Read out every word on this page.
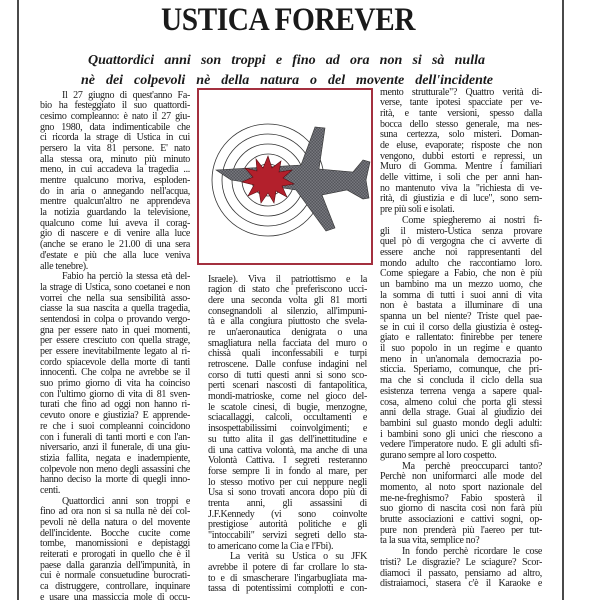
USTICA FOREVER
Quattordici anni son troppi e fino ad ora non si sà nulla
nè dei colpevoli nè della natura o del movente dell'incidente
Il 27 giugno di quest'anno Fa-
bio ha festeggiato il suo quattordi-
cesimo compleanno: è nato il 27 giu-
gno 1980, data indimenticabile che
ci ricorda la strage di Ustica in cui
persero la vita 81 persone. E' nato
alla stessa ora, minuto più minuto
meno, in cui accadeva la tragedia ...
mentre qualcuno moriva, esploden-
do in aria o annegando nell'acqua,
mentre qualcun'altro ne apprendeva
la notizia guardando la televisione,
qualcuno come lui aveva il corag-
gio di nascere e di venire alla luce
(anche se erano le 21.00 di una sera
d'estate e più che alla luce veniva
alle tenebre).
Fabio ha perciò la stessa età del-
la strage di Ustica, sono coetanei e non
vorrei che nella sua sensibilità asso-
ciasse la sua nascita a quella tragedia,
sentendosi in colpa o provando vergo-
gna per essere nato in quei momenti,
per essere cresciuto con quella strage,
per essere inevitabilmente legato al ri-
cordo spiacevole della morte di tanti
innocenti. Che colpa ne avrebbe se il
suo primo giorno di vita ha coinciso
con l'ultimo giorno di vita di 81 sven-
turati che fino ad oggi non hanno ri-
cevuto onore e giustizia? E apprende-
re che i suoi compleanni coincidono
con i funerali di tanti morti e con l'an-
niversario, anzi il funerale, di una giu-
stizia fallita, negata e inadempiente,
colpevole non meno degli assassini che
hanno deciso la morte di quegli inno-
centi.
Quattordici anni son troppi e
fino ad ora non si sa nulla nè dei col-
pevoli nè della natura o del movente
dell'incidente. Bocche cucite come
tombe, manomissioni e depistaggi
reiterati e prorogati in quello che è il
paese dalla garanzia dell'impunità, in
cui è normale consuetudine burocrati-
ca distruggere, controllare, inquinare
e usare una massiccia mole di occu-
Israele). Viva il patriottismo e la
ragion di stato che preferiscono ucci-
dere una seconda volta gli 81 morti
consegnandoli al silenzio, all'impuni-
tà e alla congiura piuttosto che svela-
re un'aeronautica denigrata o una
smagliatura nella facciata del muro o
chissà quali inconfessabili e turpi
retroscene. Dalle confuse indagini nel
corso di tutti questi anni si sono sco-
perti scenari nascosti di fantapolitica,
mondi-matrioske, come nel gioco del-
le scatole cinesi, di bugie, menzogne,
sciacallaggi, calcoli, occultamenti e
insospettabilissimi coinvolgimenti; e
su tutto alita il gas dell'inettitudine e
di una cattiva volontà, ma anche di una
Volontà Cattiva. I segreti resteranno
forse sempre lì in fondo al mare, per
lo stesso motivo per cui neppure negli
Usa si sono trovati ancora dopo più di
trenta anni, gli assassini di
J.F.Kennedy (vi sono coinvolte
prestigiose autorità politiche e gli
"intoccabili" servizi segreti dello sta-
to americano come la Cia e l'Fbi).
La verità su Ustica o su JFK
avrebbe il potere di far crollare lo sta-
to e di smascherare l'ingarbugliata ma-
tassa di potentissimi complotti e con-
mento strutturale"? Quattro verità di-
verse, tante ipotesi spacciate per ve-
rità, e tante versioni, spesso dalla
bocca dello stesso generale, ma nes-
suna certezza, solo misteri. Doman-
de eluse, evaporate; risposte che non
vengono, dubbi estorti e repressi, un
Muro di Gomma. Mentre i familiari
delle vittime, i soli che per anni han-
no mantenuto viva la "richiesta di ve-
rità, di giustizia e di luce", sono sem-
pre più soli e isolati.
Come spiegheremo ai nostri fi-
gli il mistero-Ustica senza provare
quel pò di vergogna che ci avverte di
essere anche noi rappresentanti del
mondo adulto che raccontiamo loro.
Come spiegare a Fabio, che non è più
un bambino ma un mezzo uomo, che
la somma di tutti i suoi anni di vita
non è bastata a illuminare di una
spanna un bel niente? Triste quel pae-
se in cui il corso della giustizia è osteg-
giato e rallentato: finirebbe per tenere
il suo popolo in un regime e quanto
meno in un'anomala democrazia po-
sticcia. Speriamo, comunque, che pri-
ma che si concluda il ciclo della sua
esistenza terrena venga a sapere qual-
cosa, almeno colui che porta gli stessi
anni della strage. Guai al giudizio dei
bambini sul guasto mondo degli adulti:
i bambini sono gli unici che riescono a
vedere l'imperatore nudo. E gli adulti sfi-
gurano sempre al loro cospetto.
Ma perchè preoccuparci tanto?
Perchè non uniformarci alle mode del
momento, al noto sport nazionale del
me-ne-freghismo? Fabio sposterà il
suo giorno di nascita così non farà più
brutte associazioni e cattivi sogni, op-
pure non prenderà più l'aereo per tut-
ta la sua vita, semplice no?
In fondo perchè ricordare le cose
tristi? Le disgrazie? Le sciagure? Scor-
diamoci il passato, pensiamo ad altro,
distraiamoci, stasera c'è il Karaoke e
